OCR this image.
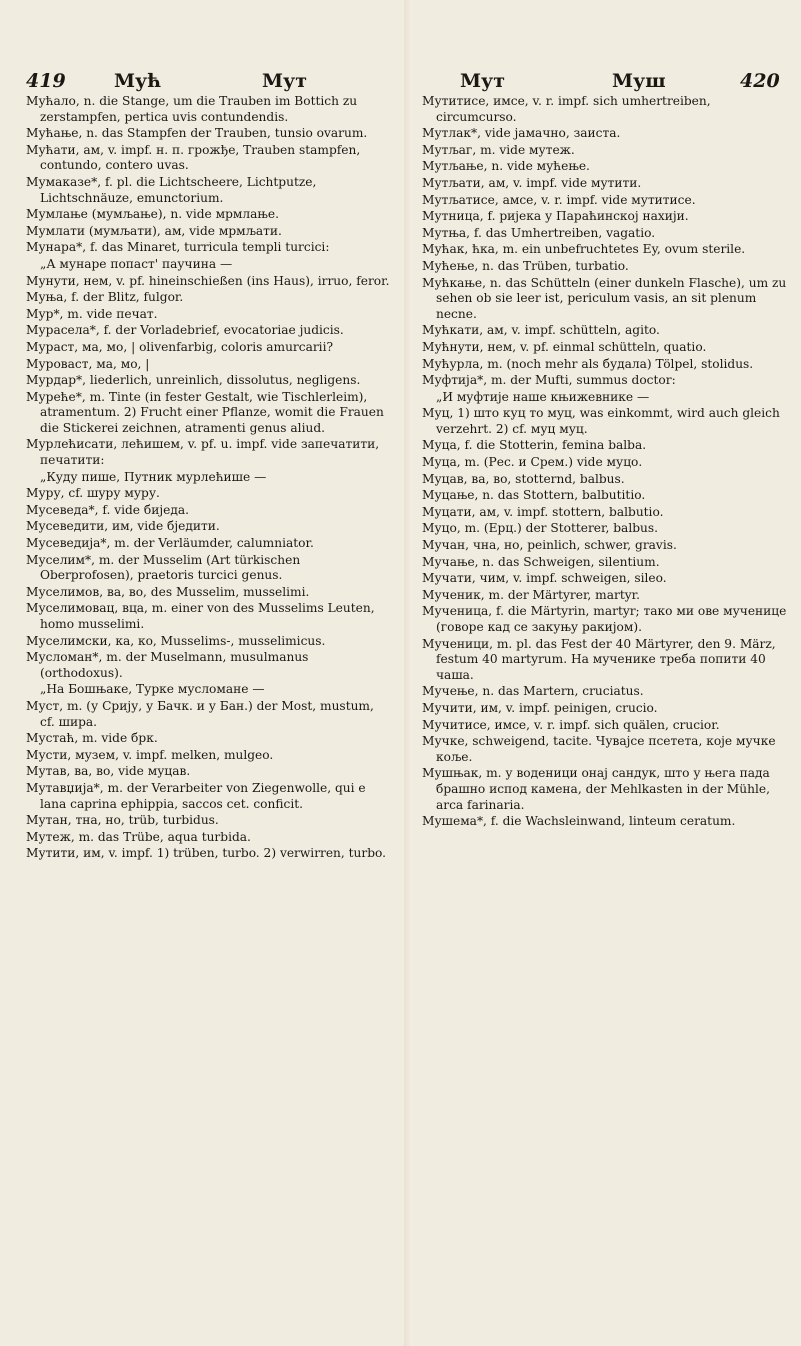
419	Мућ	Мут	Мут	Муш	420
Мућало, n. die Stange, um die Trauben im Bottich zu zerstampfen, pertica uvis contundendis.
Мућање, n. das Stampfen der Trauben, tunsio ovarum.
Мућати, ам, v. impf. н. п. грожђе, Trauben stampfen, contundo, contero uvas.
Мумаказе*, f. pl. die Lichtscheere, Lichtputze, Lichtschnäuze, emunctorium.
Мумлање (мумљање), n. vide мрмлање.
Мумлати (мумљати), ам, vide мрмљати.
Мунара*, f. das Minaret, turricula templi turcici:
„А мунаре попаст' паучина —
Мунути, нем, v. pf. hineinschießen (ins Haus), irruo, feror.
Муња, f. der Blitz, fulgor.
Мур*, m. vide печат.
Мурасела*, f. der Vorladebrief, evocatoriae judicis.
Мураст, ма, мо, | olivenfarbig, coloris amurcarii?
Муроваст, ма, мо, |
Мурдар*, liederlich, unreinlich, dissolutus, negligens.
Муреће*, m. Tinte (in fester Gestalt, wie Tischlerleim), atramentum. 2) Frucht einer Pflanze, womit die Frauen die Stickerei zeichnen, atramenti genus aliud.
Мурлећисати, лећишем, v. pf. u. impf. vide запечатити, печатити:
„Куду пише, Путник мурлећише —
Муру, cf. шуру муру.
Мусеведа*, f. vide биједа.
Мусеведити, им, vide бједити.
Мусеведија*, m. der Verläumder, calumniator.
Муселим*, m. der Musselim (Art türkischen Oberprofosen), praetoris turcici genus.
Муселимов, ва, во, des Musselim, musselimi.
Муселимовац, вца, m. einer von des Musselims Leuten, homo musselimi.
Муселимски, ка, ко, Musselims-, musselimicus.
Мусломан*, m. der Muselmann, musulmanus (orthodoxus).
„На Бошњаке, Турке мусломане —
Муст, m. (у Срију, у Бачк. и у Бан.) der Most, mustum, cf. шира.
Мустаћ, m. vide брк.
Мусти, музем, v. impf. melken, mulgeo.
Мутав, ва, во, vide муцав.
Мутавџија*, m. der Verarbeiter von Ziegenwolle, qui e lana caprina ephippia, saccos cet. conficit.
Мутан, тна, но, trüb, turbidus.
Мутеж, m. das Trübe, aqua turbida.
Мутити, им, v. impf. 1) trüben, turbo. 2) verwirren, turbo.
Мутитисе, имсе, v. r. impf. sich umhertreiben, circumcurso.
Мутлак*, vide јамачно, заиста.
Мутљаг, m. vide мутеж.
Мутљање, n. vide мућење.
Мутљати, ам, v. impf. vide мутити.
Мутљатисе, амсе, v. r. impf. vide мутитисе.
Мутница, f. ријека у Параћинској нахији.
Мутња, f. das Umhertreiben, vagatio.
Мућак, ћка, m. ein unbefruchtetes Ey, ovum sterile.
Мућење, n. das Trüben, turbatio.
Мућкање, n. das Schütteln (einer dunkeln Flasche), um zu sehen ob sie leer ist, periculum vasis, an sit plenum necne.
Мућкати, ам, v. impf. schütteln, agito.
Мућнути, нем, v. pf. einmal schütteln, quatio.
Мућурла, m. (noch mehr als будала) Tölpel, stolidus.
Муфтија*, m. der Mufti, summus doctor:
„И муфтије наше књижевнике —
Муц, 1) што куц то муц, was einkommt, wird auch gleich verzehrt. 2) cf. муц муц.
Муца, f. die Stotterin, femina balba.
Муца, m. (Рес. и Срем.) vide муцо.
Муцав, ва, во, stotternd, balbus.
Муцање, n. das Stottern, balbutitio.
Муцати, ам, v. impf. stottern, balbutio.
Муцо, m. (Ерц.) der Stotterer, balbus.
Мучан, чна, но, peinlich, schwer, gravis.
Мучање, n. das Schweigen, silentium.
Мучати, чим, v. impf. schweigen, sileo.
Мученик, m. der Märtyrer, martyr.
Мученица, f. die Märtyrin, martyr; тако ми ове мученице (говоре кад се закуњу ракијом).
Мученици, m. pl. das Fest der 40 Märtyrer, den 9. März, festum 40 martyrum. На мученике треба попити 40 чаша.
Мучење, n. das Martern, cruciatus.
Мучити, им, v. impf. peinigen, crucio.
Мучитисе, имсе, v. r. impf. sich quälen, crucior.
Мучке, schweigend, tacite. Чувајсе псетета, које мучке коље.
Мушњак, m. у воденици онај сандук, што у њега пада брашно испод камена, der Mehlkasten in der Mühle, arca farinaria.
Мушема*, f. die Wachsleinwand, linteum ceratum.
